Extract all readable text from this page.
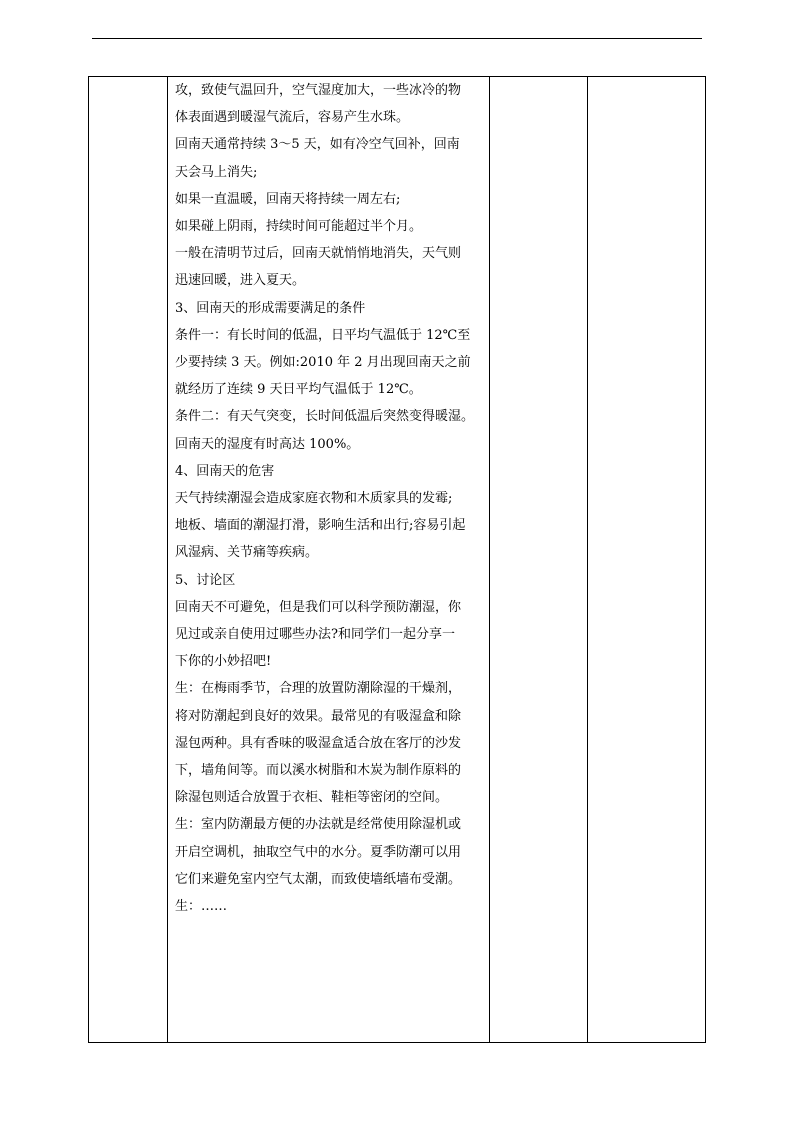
攻，致使气温回升，空气湿度加大，一些冰冷的物

体表面遇到暖湿气流后，容易产生水珠。

回南天通常持续 3～5 天，如有冷空气回补，回南

天会马上消失;

如果一直温暖，回南天将持续一周左右;

如果碰上阴雨，持续时间可能超过半个月。

一般在清明节过后，回南天就悄悄地消失，天气则

迅速回暖，进入夏天。

3、回南天的形成需要满足的条件

条件一：有长时间的低温，日平均气温低于 12℃至

少要持续 3 天。例如:2010 年 2 月出现回南天之前

就经历了连续 9 天日平均气温低于 12℃。

条件二：有天气突变，长时间低温后突然变得暖湿。

回南天的湿度有时高达 100%。

4、回南天的危害

天气持续潮湿会造成家庭衣物和木质家具的发霉;

地板、墙面的潮湿打滑，影响生活和出行;容易引起

风湿病、关节痛等疾病。

5、讨论区

回南天不可避免，但是我们可以科学预防潮湿，你

见过或亲自使用过哪些办法?和同学们一起分享一

下你的小妙招吧!

生：在梅雨季节，合理的放置防潮除湿的干燥剂，

将对防潮起到良好的效果。最常见的有吸湿盒和除

湿包两种。具有香味的吸湿盒适合放在客厅的沙发

下，墙角间等。而以溪水树脂和木炭为制作原料的

除湿包则适合放置于衣柜、鞋柜等密闭的空间。

生：室内防潮最方便的办法就是经常使用除湿机或

开启空调机，抽取空气中的水分。夏季防潮可以用

它们来避免室内空气太潮，而致使墙纸墙布受潮。

生：……
